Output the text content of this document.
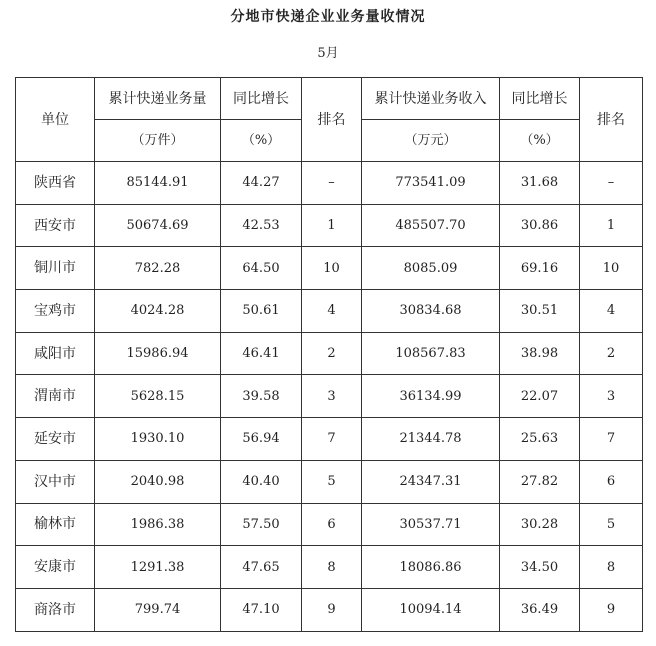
分地市快递企业业务量收情况
5月
单位	累计快递业务量	同比增长	排名	累计快递业务收入	同比增长	排名
	（万件）	（%）		（万元）	（%）	
陕西省	85144.91	44.27	–	773541.09	31.68	–
西安市	50674.69	42.53	1	485507.70	30.86	1
铜川市	782.28	64.50	10	8085.09	69.16	10
宝鸡市	4024.28	50.61	4	30834.68	30.51	4
咸阳市	15986.94	46.41	2	108567.83	38.98	2
渭南市	5628.15	39.58	3	36134.99	22.07	3
延安市	1930.10	56.94	7	21344.78	25.63	7
汉中市	2040.98	40.40	5	24347.31	27.82	6
榆林市	1986.38	57.50	6	30537.71	30.28	5
安康市	1291.38	47.65	8	18086.86	34.50	8
商洛市	799.74	47.10	9	10094.14	36.49	9
